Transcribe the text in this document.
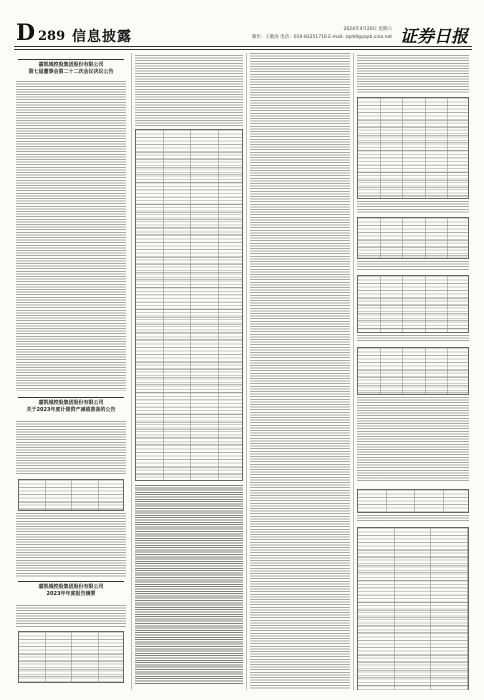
D 289 信息披露	2024年4月20日 星期六
制作：王敬涛 电话：010-83251716 E-mail: zqrb9@zqrb.sina.net 证券日报
嘉凯城控股集团股份有限公司
第七届董事会第二十二次会议决议公告
嘉凯城控股集团股份有限公司
关于2023年度计提资产减值准备的公告
嘉凯城控股集团股份有限公司
2023年年度报告摘要
